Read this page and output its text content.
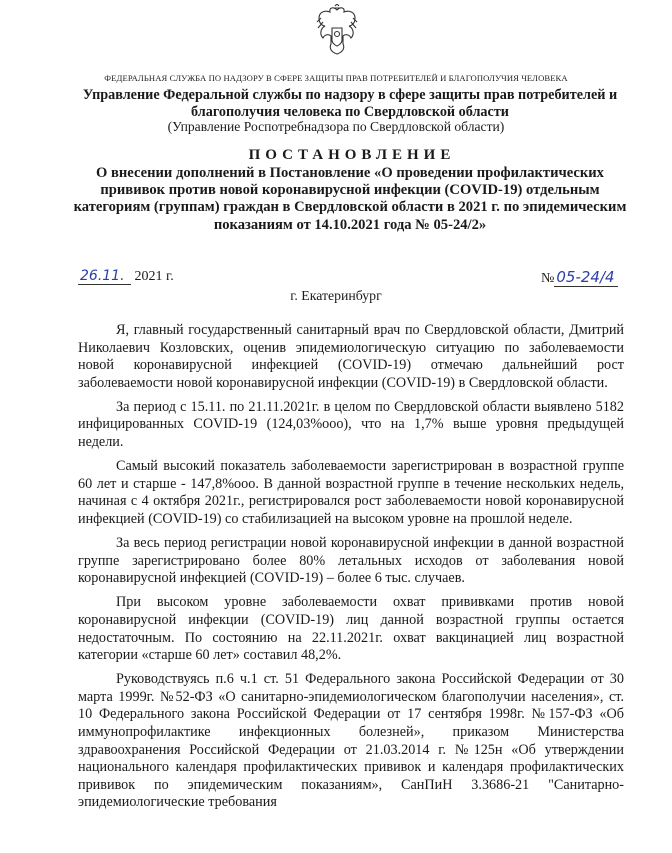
ФЕДЕРАЛЬНАЯ СЛУЖБА ПО НАДЗОРУ В СФЕРЕ ЗАЩИТЫ ПРАВ ПОТРЕБИТЕЛЕЙ И БЛАГОПОЛУЧИЯ ЧЕЛОВЕКА
Управление Федеральной службы по надзору в сфере защиты прав потребителей и благополучия человека по Свердловской области
(Управление Роспотребнадзора по Свердловской области)
ПОСТАНОВЛЕНИЕ
О внесении дополнений в Постановление «О проведении профилактических прививок против новой коронавирусной инфекции (COVID-19) отдельным категориям (группам) граждан в Свердловской области в 2021 г. по эпидемическим показаниям от 14.10.2021 года № 05-24/2»
26.11. 2021 г.	№ 05-24/4
г. Екатеринбург

Я, главный государственный санитарный врач по Свердловской области, Дмитрий Николаевич Козловских, оценив эпидемиологическую ситуацию по заболеваемости новой коронавирусной инфекцией (COVID-19) отмечаю дальнейший рост заболеваемости новой коронавирусной инфекции (COVID-19) в Свердловской области.

За период с 15.11. по 21.11.2021г. в целом по Свердловской области выявлено 5182 инфицированных COVID-19 (124,03%ooo), что на 1,7% выше уровня предыдущей недели.

Самый высокий показатель заболеваемости зарегистрирован в возрастной группе 60 лет и старше - 147,8%ooo. В данной возрастной группе в течение нескольких недель, начиная с 4 октября 2021г., регистрировался рост заболеваемости новой коронавирусной инфекцией (COVID-19) со стабилизацией на высоком уровне на прошлой неделе.

За весь период регистрации новой коронавирусной инфекции в данной возрастной группе зарегистрировано более 80% летальных исходов от заболевания новой коронавирусной инфекцией (COVID-19) – более 6 тыс. случаев.

При высоком уровне заболеваемости охват прививками против новой коронавирусной инфекции (COVID-19) лиц данной возрастной группы остается недостаточным. По состоянию на 22.11.2021г. охват вакцинацией лиц возрастной категории «старше 60 лет» составил 48,2%.

Руководствуясь п.6 ч.1 ст. 51 Федерального закона Российской Федерации от 30 марта 1999г. №52-ФЗ «О санитарно-эпидемиологическом благополучии населения», ст. 10 Федерального закона Российской Федерации от 17 сентября 1998г. №157-ФЗ «Об иммунопрофилактике инфекционных болезней», приказом Министерства здравоохранения Российской Федерации от 21.03.2014 г. №125н «Об утверждении национального календаря профилактических прививок и календаря профилактических прививок по эпидемическим показаниям», СанПиН 3.3686-21 "Санитарно-эпидемиологические требования
